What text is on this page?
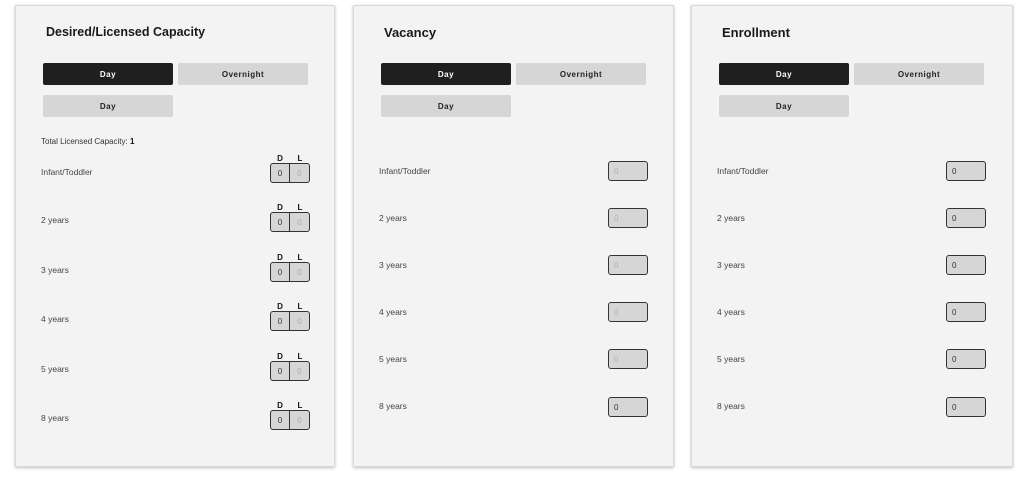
Desired/Licensed Capacity
Day	Overnight
Day
Total Licensed Capacity: 1
Infant/Toddler
D	L
0	0
2 years
D	L
0	0
3 years
D	L
0	0
4 years
D	L
0	0
5 years
D	L
0	0
8 years
D	L
0	0
Vacancy
Day	Overnight
Day
Infant/Toddler	0
2 years	0
3 years	0
4 years	0
5 years	0
8 years	0
Enrollment
Day	Overnight
Day
Infant/Toddler	0
2 years	0
3 years	0
4 years	0
5 years	0
8 years	0
